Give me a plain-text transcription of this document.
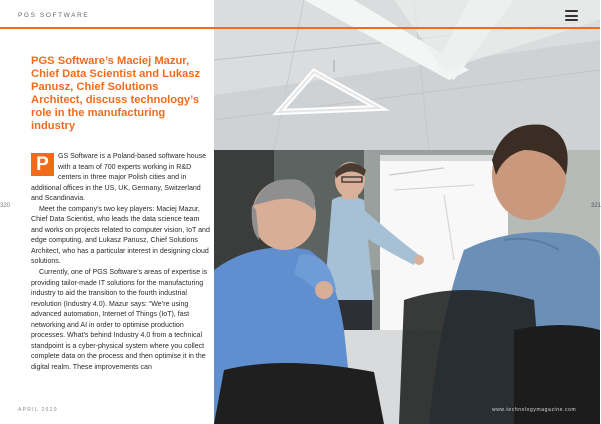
PGS SOFTWARE
PGS Software’s Maciej Mazur, Chief Data Scientist and Lukasz Panusz, Chief Solutions Architect, discuss technology’s role in the manufacturing industry

P	GS Software is a Poland-based software house with a team of 700 experts working in R&D centers in three major Polish cities and in additional offices in the US, UK, Germany, Switzerland and Scandinavia.

Meet the company’s two key players: Maciej Mazur, Chief Data Scientist, who leads the data science team and works on projects related to computer vision, IoT and edge computing, and Lukasz Panusz, Chief Solutions Architect, who has a particular interest in designing cloud solutions.

Currently, one of PGS Software’s areas of expertise is providing tailor-made IT solutions for the manufacturing industry to aid the transition to the fourth industrial revolution (Industry 4.0). Mazur says: “We’re using advanced automation, Internet of Things (IoT), fast networking and AI in order to optimise production processes. What’s behind Industry 4.0 from a technical standpoint is a cyber-physical system where you collect complete data on the process and then optimise it in the digital realm. These improvements can

320
APRIL 2020
321
www.technologymagazine.com
